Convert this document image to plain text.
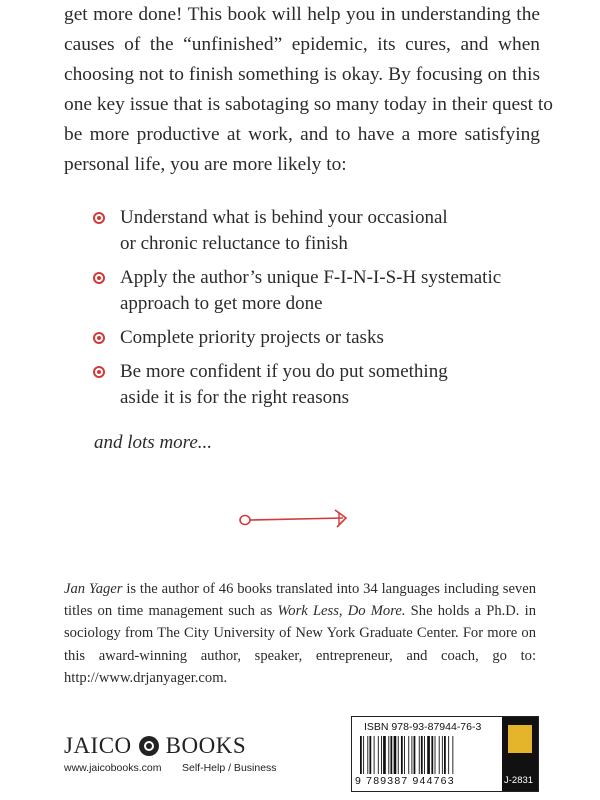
get more done! This book will help you in understanding the
causes of the “unfinished” epidemic, its cures, and when
choosing not to finish something is okay. By focusing on this
one key issue that is sabotaging so many today in their quest to
be more productive at work, and to have a more satisfying
personal life, you are more likely to:
Understand what is behind your occasional
or chronic reluctance to finish
Apply the author’s unique F-I-N-I-S-H systematic
approach to get more done
Complete priority projects or tasks
Be more confident if you do put something
aside it is for the right reasons

and lots more...

Jan Yager is the author of 46 books translated into 34 languages including seven
titles on time management such as Work Less, Do More. She holds a Ph.D. in
sociology from The City University of New York Graduate Center. For more on
this award-winning author, speaker, entrepreneur, and coach, go to:
http://www.drjanyager.com.
JAICO BOOKS
www.jaicobooks.com	Self-Help / Business
ISBN 978-93-87944-76-3
9 789387 944763	J-2831
